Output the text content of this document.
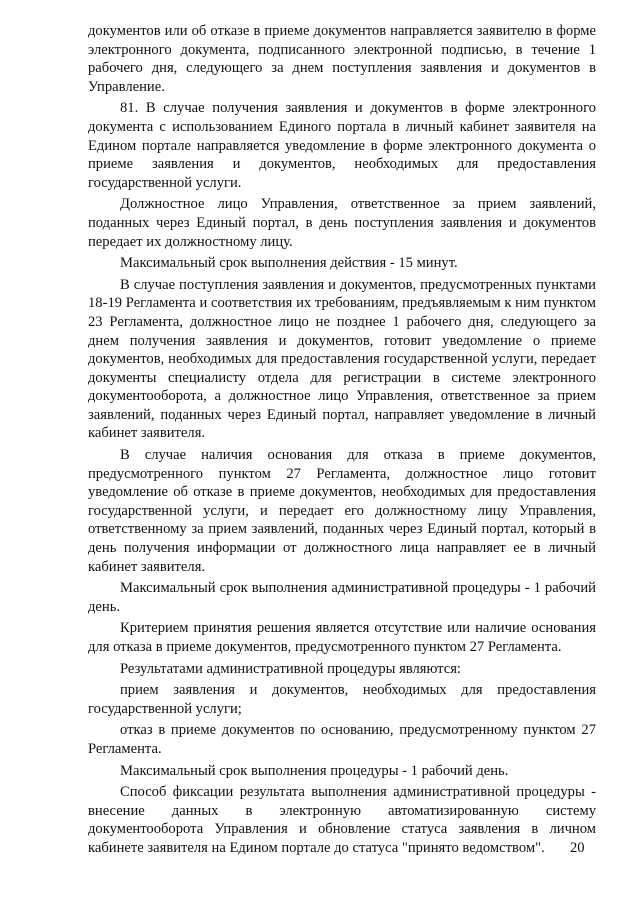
документов или об отказе в приеме документов направляется заявителю в форме электронного документа, подписанного электронной подписью, в течение 1 рабочего дня, следующего за днем поступления заявления и документов в Управление.

81. В случае получения заявления и документов в форме электронного документа с использованием Единого портала в личный кабинет заявителя на Едином портале направляется уведомление в форме электронного документа о приеме заявления и документов, необходимых для предоставления государственной услуги.

Должностное лицо Управления, ответственное за прием заявлений, поданных через Единый портал, в день поступления заявления и документов передает их должностному лицу.

Максимальный срок выполнения действия - 15 минут.

В случае поступления заявления и документов, предусмотренных пунктами 18-19 Регламента и соответствия их требованиям, предъявляемым к ним пунктом 23 Регламента, должностное лицо не позднее 1 рабочего дня, следующего за днем получения заявления и документов, готовит уведомление о приеме документов, необходимых для предоставления государственной услуги, передает документы специалисту отдела для регистрации в системе электронного документооборота, а должностное лицо Управления, ответственное за прием заявлений, поданных через Единый портал, направляет уведомление в личный кабинет заявителя.

В случае наличия основания для отказа в приеме документов, предусмотренного пунктом 27 Регламента, должностное лицо готовит уведомление об отказе в приеме документов, необходимых для предоставления государственной услуги, и передает его должностному лицу Управления, ответственному за прием заявлений, поданных через Единый портал, который в день получения информации от должностного лица направляет ее в личный кабинет заявителя.

Максимальный срок выполнения административной процедуры - 1 рабочий день.

Критерием принятия решения является отсутствие или наличие основания для отказа в приеме документов, предусмотренного пунктом 27 Регламента.

Результатами административной процедуры являются:

прием заявления и документов, необходимых для предоставления государственной услуги;

отказ в приеме документов по основанию, предусмотренному пунктом 27 Регламента.

Максимальный срок выполнения процедуры - 1 рабочий день.

Способ фиксации результата выполнения административной процедуры - внесение данных в электронную автоматизированную систему документооборота Управления и обновление статуса заявления в личном кабинете заявителя на Едином портале до статуса "принято ведомством".	20
